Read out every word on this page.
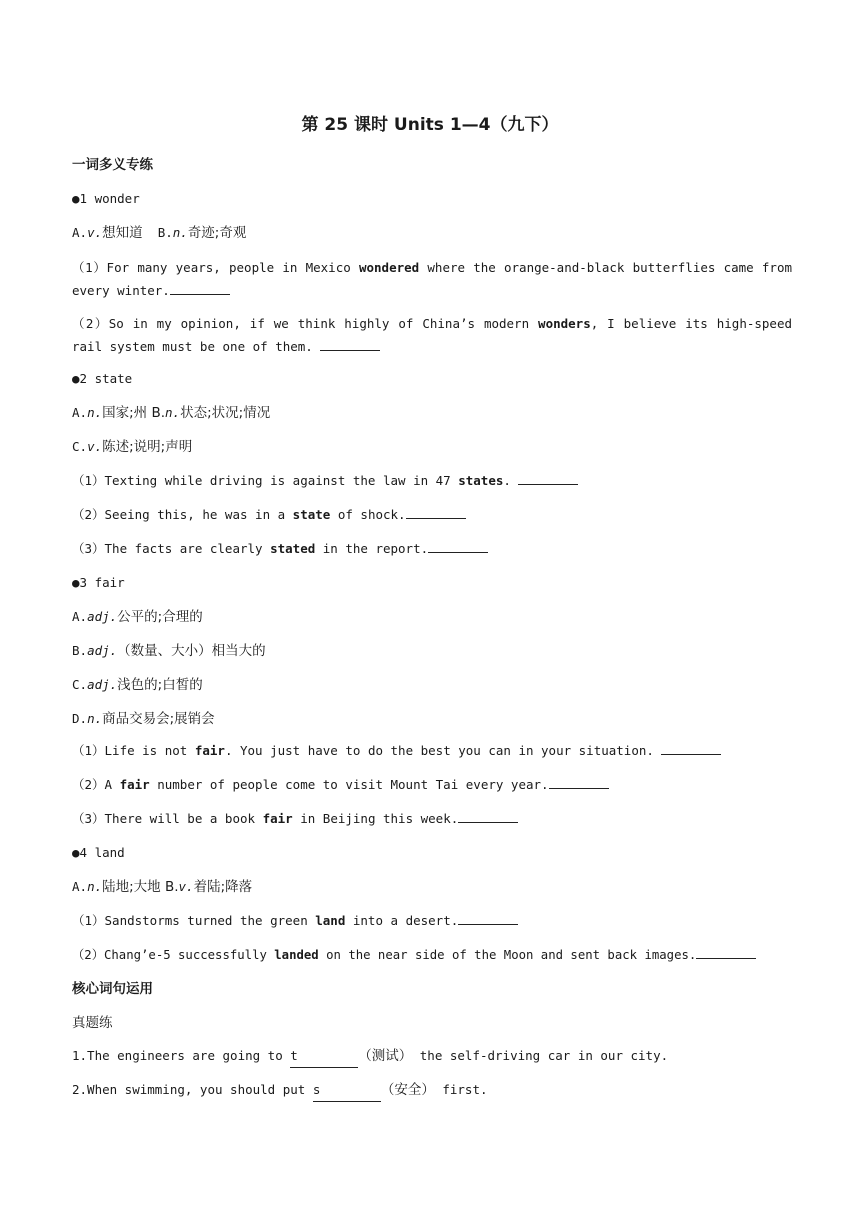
第 25 课时 Units 1—4（九下）
一词多义专练
●1 wonder
A.v.想知道 B.n.奇迹;奇观
（1）For many years, people in Mexico wondered where the orange-and-black butterflies came from every winter.
（2）So in my opinion, if we think highly of China’s modern wonders, I believe its high-speed rail system must be one of them.
●2 state
A.n.国家;州 B.n.状态;状况;情况
C.v.陈述;说明;声明
（1）Texting while driving is against the law in 47 states.
（2）Seeing this, he was in a state of shock.
（3）The facts are clearly stated in the report.
●3 fair
A.adj.公平的;合理的
B.adj.（数量、大小）相当大的
C.adj.浅色的;白皙的
D.n.商品交易会;展销会
（1）Life is not fair. You just have to do the best you can in your situation.
（2）A fair number of people come to visit Mount Tai every year.
（3）There will be a book fair in Beijing this week.
●4 land
A.n.陆地;大地 B.v.着陆;降落
（1）Sandstorms turned the green land into a desert.
（2）Chang’e-5 successfully landed on the near side of the Moon and sent back images.
核心词句运用
真题练
1.The engineers are going to t	（测试） the self-driving car in our city.
2.When swimming, you should put s	（安全） first.
